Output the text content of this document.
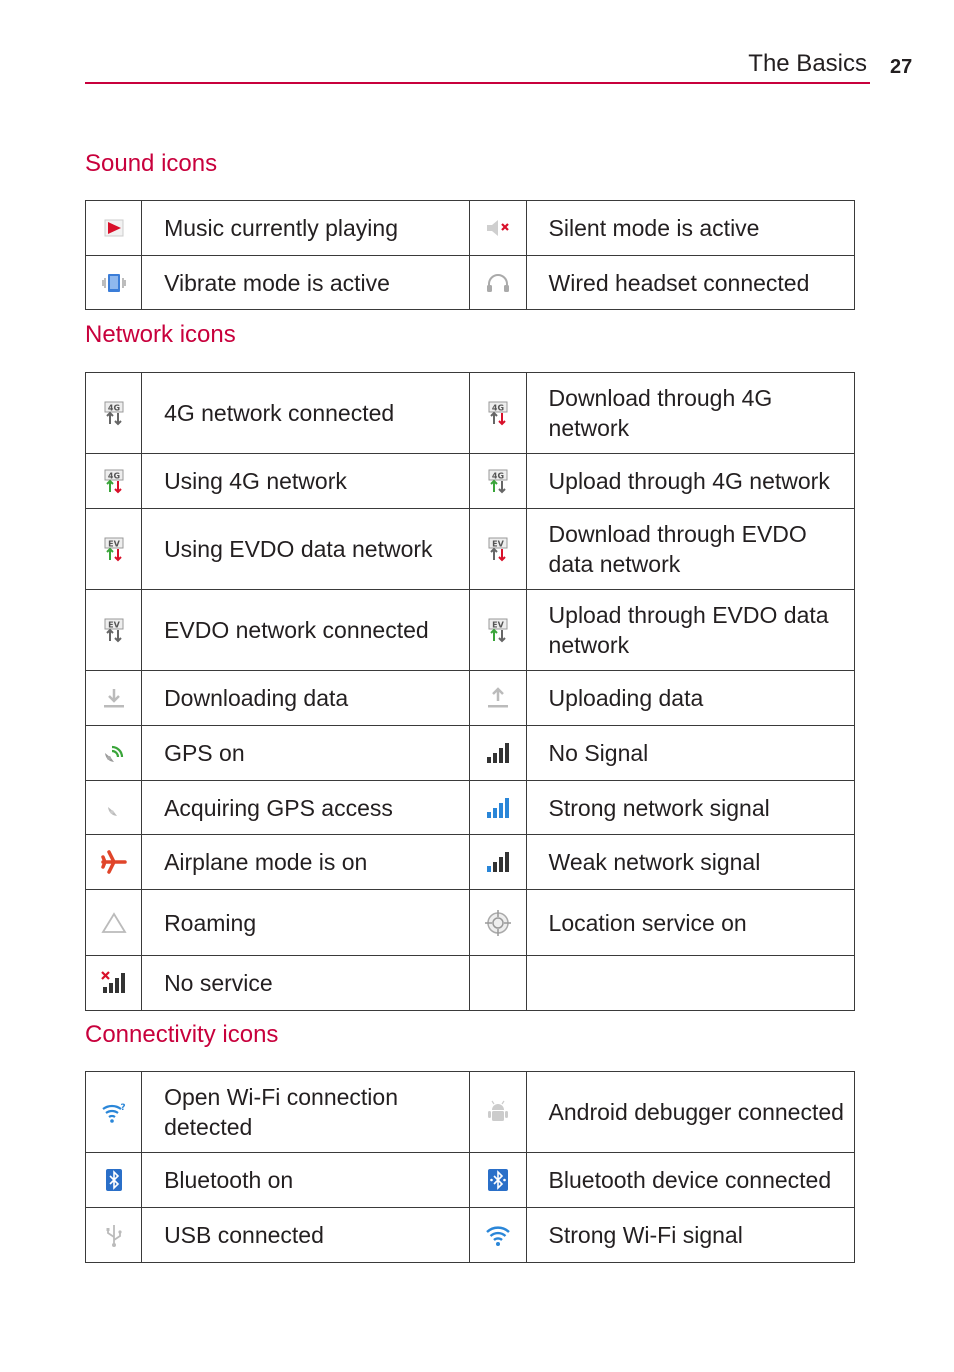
The Basics 27
Sound icons
	Music currently playing		Silent mode is active

	Vibrate mode is active		Wired headset connected
Network icons
4G	4G network connected	4G	Download through 4G network

4G	Using 4G network	4G	Upload through 4G network

EV	Using EVDO data network	EV	Download through EVDO data network

EV	EVDO network connected	EV	Upload through EVDO data network

	Downloading data		Uploading data

	GPS on		No Signal

	Acquiring GPS access		Strong network signal

	Airplane mode is on		Weak network signal

	Roaming		Location service on

	No service		
Connectivity icons
?	Open Wi-Fi connection detected		Android debugger connected

	Bluetooth on		Bluetooth device connected

	USB connected		Strong Wi-Fi signal
